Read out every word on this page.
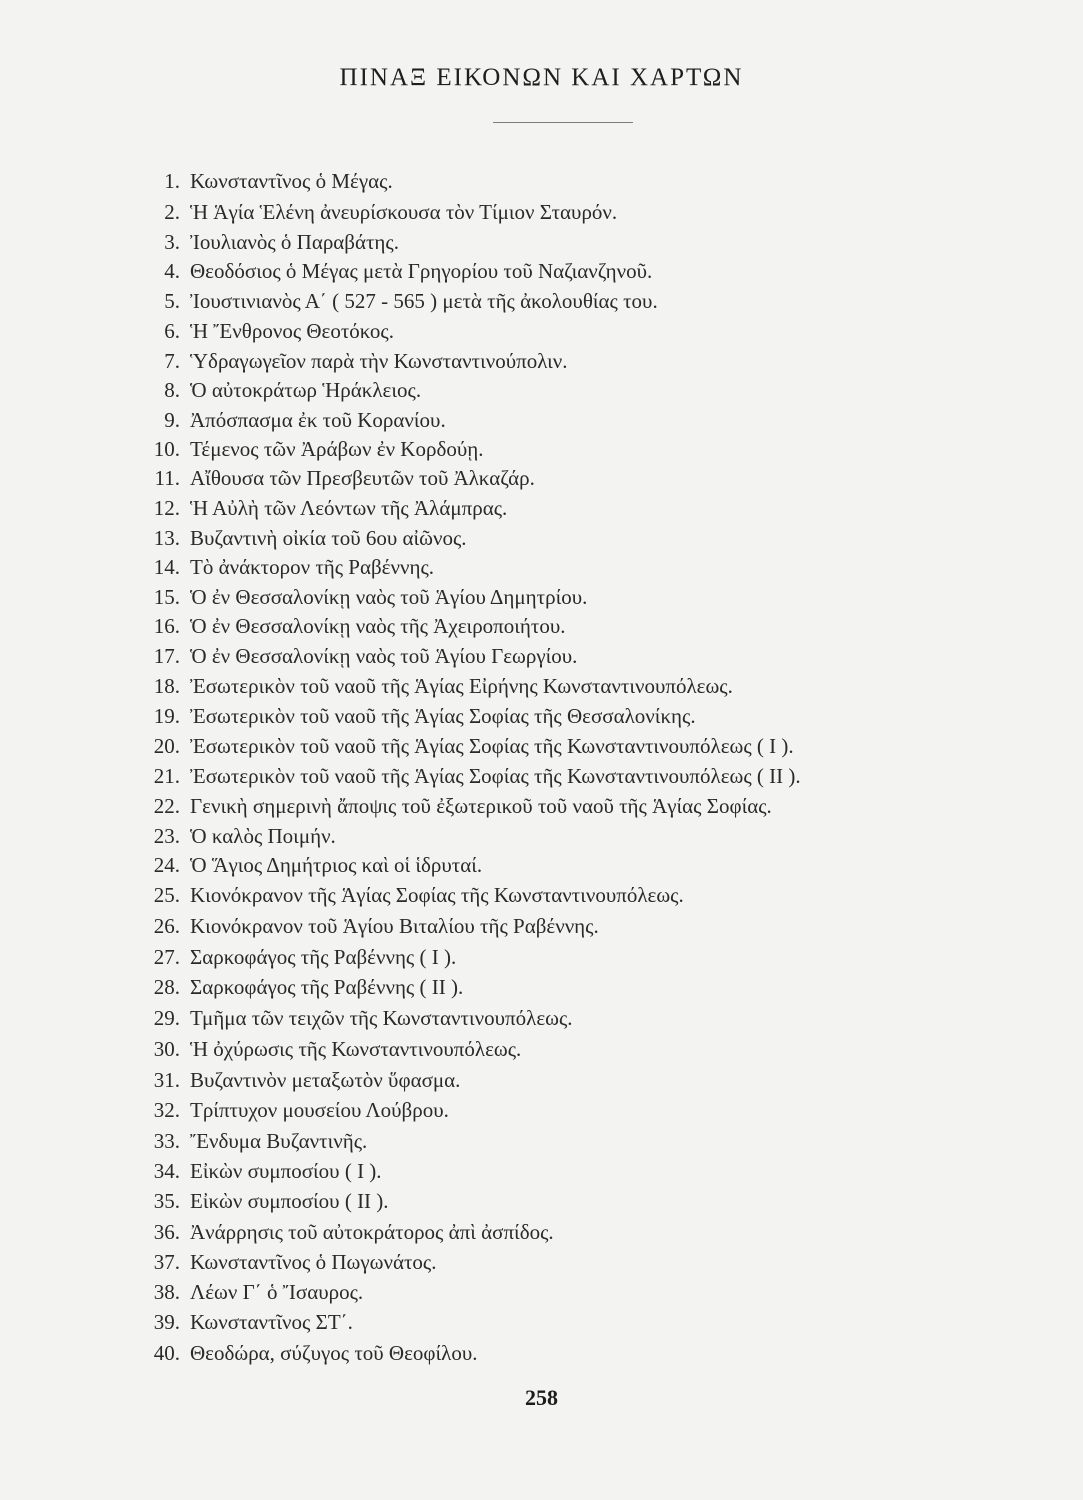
ΠΙΝΑΞ ΕΙΚΟΝΩΝ ΚΑΙ ΧΑΡΤΩΝ
1. Κωνσταντῖνος ὁ Μέγας.
2. Ἡ Ἁγία Ἑλένη ἀνευρίσκουσα τὸν Τίμιον Σταυρόν.
3. Ἰουλιανὸς ὁ Παραβάτης.
4. Θεοδόσιος ὁ Μέγας μετὰ Γρηγορίου τοῦ Ναζιανζηνοῦ.
5. Ἰουστινιανὸς Α΄ ( 527 - 565 ) μετὰ τῆς ἀκολουθίας του.
6. Ἡ Ἔνθρονος Θεοτόκος.
7. Ὑδραγωγεῖον παρὰ τὴν Κωνσταντινούπολιν.
8. Ὁ αὐτοκράτωρ Ἡράκλειος.
9. Ἀπόσπασμα ἐκ τοῦ Κορανίου.
10. Τέμενος τῶν Ἀράβων ἐν Κορδούῃ.
11. Αἴθουσα τῶν Πρεσβευτῶν τοῦ Ἀλκαζάρ.
12. Ἡ Αὐλὴ τῶν Λεόντων τῆς Ἀλάμπρας.
13. Βυζαντινὴ οἰκία τοῦ 6ου αἰῶνος.
14. Τὸ ἀνάκτορον τῆς Ραβέννης.
15. Ὁ ἐν Θεσσαλονίκῃ ναὸς τοῦ Ἁγίου Δημητρίου.
16. Ὁ ἐν Θεσσαλονίκῃ ναὸς τῆς Ἀχειροποιήτου.
17. Ὁ ἐν Θεσσαλονίκῃ ναὸς τοῦ Ἁγίου Γεωργίου.
18. Ἐσωτερικὸν τοῦ ναοῦ τῆς Ἁγίας Εἰρήνης Κωνσταντινουπόλεως.
19. Ἐσωτερικὸν τοῦ ναοῦ τῆς Ἁγίας Σοφίας τῆς Θεσσαλονίκης.
20. Ἐσωτερικὸν τοῦ ναοῦ τῆς Ἁγίας Σοφίας τῆς Κωνσταντινουπόλεως ( I ).
21. Ἐσωτερικὸν τοῦ ναοῦ τῆς Ἁγίας Σοφίας τῆς Κωνσταντινουπόλεως ( II ).
22. Γενικὴ σημερινὴ ἄποψις τοῦ ἐξωτερικοῦ τοῦ ναοῦ τῆς Ἁγίας Σοφίας.
23. Ὁ καλὸς Ποιμήν.
24. Ὁ Ἅγιος Δημήτριος καὶ οἱ ἱδρυταί.
25. Κιονόκρανον τῆς Ἁγίας Σοφίας τῆς Κωνσταντινουπόλεως.
26. Κιονόκρανον τοῦ Ἁγίου Βιταλίου τῆς Ραβέννης.
27. Σαρκοφάγος τῆς Ραβέννης ( I ).
28. Σαρκοφάγος τῆς Ραβέννης ( II ).
29. Τμῆμα τῶν τειχῶν τῆς Κωνσταντινουπόλεως.
30. Ἡ ὀχύρωσις τῆς Κωνσταντινουπόλεως.
31. Βυζαντινὸν μεταξωτὸν ὕφασμα.
32. Τρίπτυχον μουσείου Λούβρου.
33. Ἔνδυμα Βυζαντινῆς.
34. Εἰκὼν συμποσίου ( I ).
35. Εἰκὼν συμποσίου ( II ).
36. Ἀνάρρησις τοῦ αὐτοκράτορος ἀπὶ ἀσπίδος.
37. Κωνσταντῖνος ὁ Πωγωνάτος.
38. Λέων Γ΄ ὁ Ἴσαυρος.
39. Κωνσταντῖνος ΣΤ΄.
40. Θεοδώρα, σύζυγος τοῦ Θεοφίλου.
258
